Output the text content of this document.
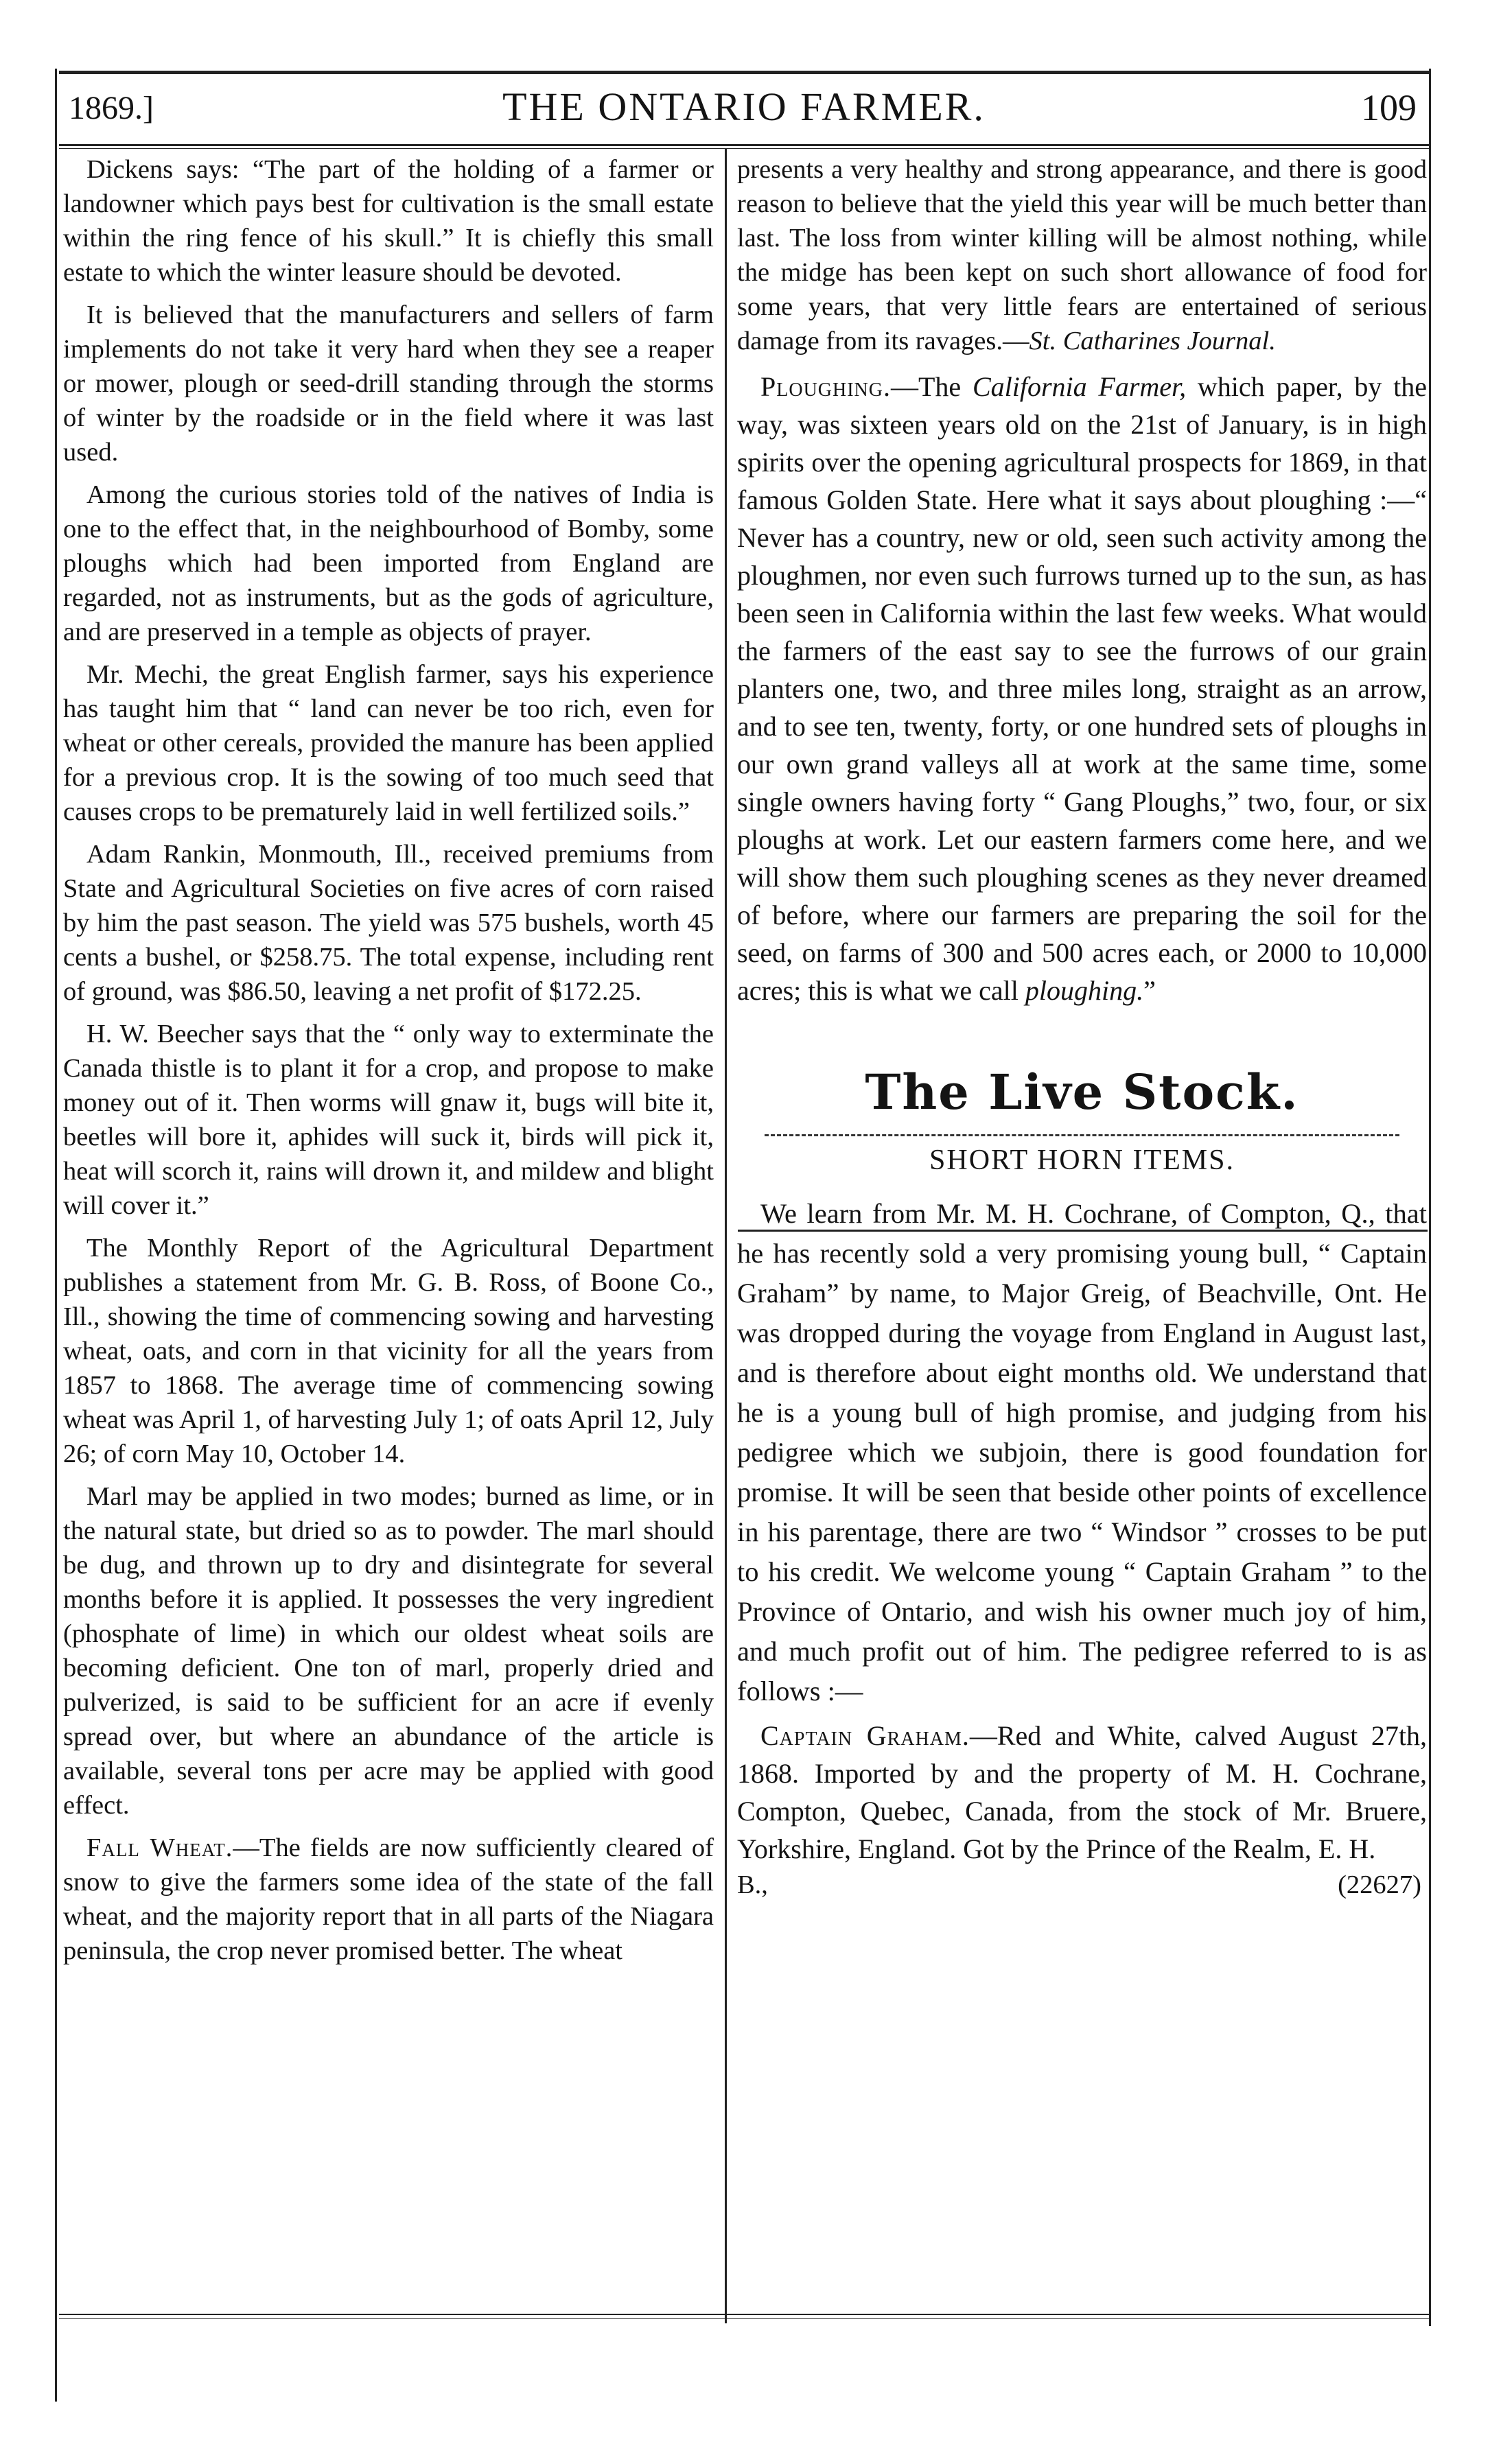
1869.]	THE ONTARIO FARMER.	109

Dickens says: “The part of the holding of a farmer or landowner which pays best for cultivation is the small estate within the ring fence of his skull.” It is chiefly this small estate to which the winter leasure should be devoted.

It is believed that the manufacturers and sellers of farm implements do not take it very hard when they see a reaper or mower, plough or seed-drill standing through the storms of winter by the roadside or in the field where it was last used.

Among the curious stories told of the natives of India is one to the effect that, in the neighbourhood of Bomby, some ploughs which had been imported from England are regarded, not as instruments, but as the gods of agriculture, and are preserved in a temple as objects of prayer.

Mr. Mechi, the great English farmer, says his experience has taught him that “ land can never be too rich, even for wheat or other cereals, provided the manure has been applied for a previous crop. It is the sowing of too much seed that causes crops to be prematurely laid in well fertilized soils.”

Adam Rankin, Monmouth, Ill., received premiums from State and Agricultural Societies on five acres of corn raised by him the past season. The yield was 575 bushels, worth 45 cents a bushel, or $258.75. The total expense, including rent of ground, was $86.50, leaving a net profit of $172.25.

H. W. Beecher says that the “ only way to exterminate the Canada thistle is to plant it for a crop, and propose to make money out of it. Then worms will gnaw it, bugs will bite it, beetles will bore it, aphides will suck it, birds will pick it, heat will scorch it, rains will drown it, and mildew and blight will cover it.”

The Monthly Report of the Agricultural Department publishes a statement from Mr. G. B. Ross, of Boone Co., Ill., showing the time of commencing sowing and harvesting wheat, oats, and corn in that vicinity for all the years from 1857 to 1868. The average time of commencing sowing wheat was April 1, of harvesting July 1; of oats April 12, July 26; of corn May 10, October 14.

Marl may be applied in two modes; burned as lime, or in the natural state, but dried so as to powder. The marl should be dug, and thrown up to dry and disintegrate for several months before it is applied. It possesses the very ingredient (phosphate of lime) in which our oldest wheat soils are becoming deficient. One ton of marl, properly dried and pulverized, is said to be sufficient for an acre if evenly spread over, but where an abundance of the article is available, several tons per acre may be applied with good effect.

Fall Wheat.—The fields are now sufficiently cleared of snow to give the farmers some idea of the state of the fall wheat, and the majority report that in all parts of the Niagara peninsula, the crop never promised better. The wheat

presents a very healthy and strong appearance, and there is good reason to believe that the yield this year will be much better than last. The loss from winter killing will be almost nothing, while the midge has been kept on such short allowance of food for some years, that very little fears are entertained of serious damage from its ravages.—St. Catharines Journal.

Ploughing.—The California Farmer, which paper, by the way, was sixteen years old on the 21st of January, is in high spirits over the opening agricultural prospects for 1869, in that famous Golden State. Here what it says about ploughing :—“ Never has a country, new or old, seen such activity among the ploughmen, nor even such furrows turned up to the sun, as has been seen in California within the last few weeks. What would the farmers of the east say to see the furrows of our grain planters one, two, and three miles long, straight as an arrow, and to see ten, twenty, forty, or one hundred sets of ploughs in our own grand valleys all at work at the same time, some single owners having forty “ Gang Ploughs,” two, four, or six ploughs at work. Let our eastern farmers come here, and we will show them such ploughing scenes as they never dreamed of before, where our farmers are preparing the soil for the seed, on farms of 300 and 500 acres each, or 2000 to 10,000 acres; this is what we call ploughing.”

The Live Stock.
SHORT HORN ITEMS.

We learn from Mr. M. H. Cochrane, of Compton, Q., that he has recently sold a very promising young bull, “ Captain Graham” by name, to Major Greig, of Beachville, Ont. He was dropped during the voyage from England in August last, and is therefore about eight months old. We understand that he is a young bull of high promise, and judging from his pedigree which we subjoin, there is good foundation for promise. It will be seen that beside other points of excellence in his parentage, there are two “ Windsor ” crosses to be put to his credit. We welcome young “ Captain Graham ” to the Province of Ontario, and wish his owner much joy of him, and much profit out of him. The pedigree referred to is as follows :—

Captain Graham.—Red and White, calved August 27th, 1868. Imported by and the property of M. H. Cochrane, Compton, Quebec, Canada, from the stock of Mr. Bruere, Yorkshire, England. Got by the Prince of the Realm, E. H.

B.,	(22627)
